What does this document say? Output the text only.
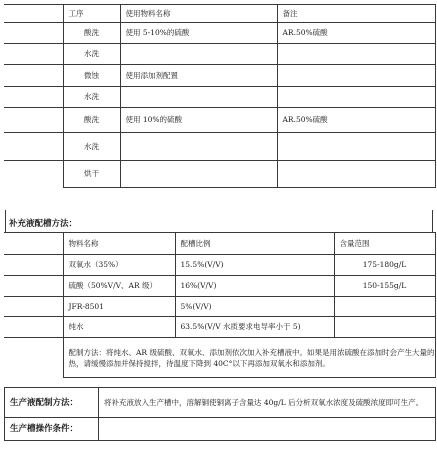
	工序	使用物料名称	备注
	酸洗	使用 5-10%的硫酸	AR.50%硫酸
	水洗		
	微蚀	使用添加剂配置	
	水洗		
	酸洗	使用 10%的硫酸	AR.50%硫酸
	水洗		
	烘干		
补充液配槽方法：
	物料名称	配槽比例	含量范围
	双氧水（35%）	15.5%(V/V)	175-180g/L
	硫酸（50%V/V、AR 级）	16%(V/V)	150-155g/L
	JFR-8501	5%(V/V)	
	纯水	63.5%(V/V 水质要求电导率小于 5)	
	配制方法：将纯水、AR 级硫酸、双氧水、添加剂依次加入补充槽液中。如果是用浓硫酸在添加时会产生大量的热，请缓慢添加并保持搅拌，待温度下降到 40C°以下再添加双氧水和添加剂。		
生产液配制方法：	将补充液放入生产槽中，溶解铜使铜离子含量达 40g/L 后分析双氧水浓度及硫酸浓度即可生产。
生产槽操作条件：	
